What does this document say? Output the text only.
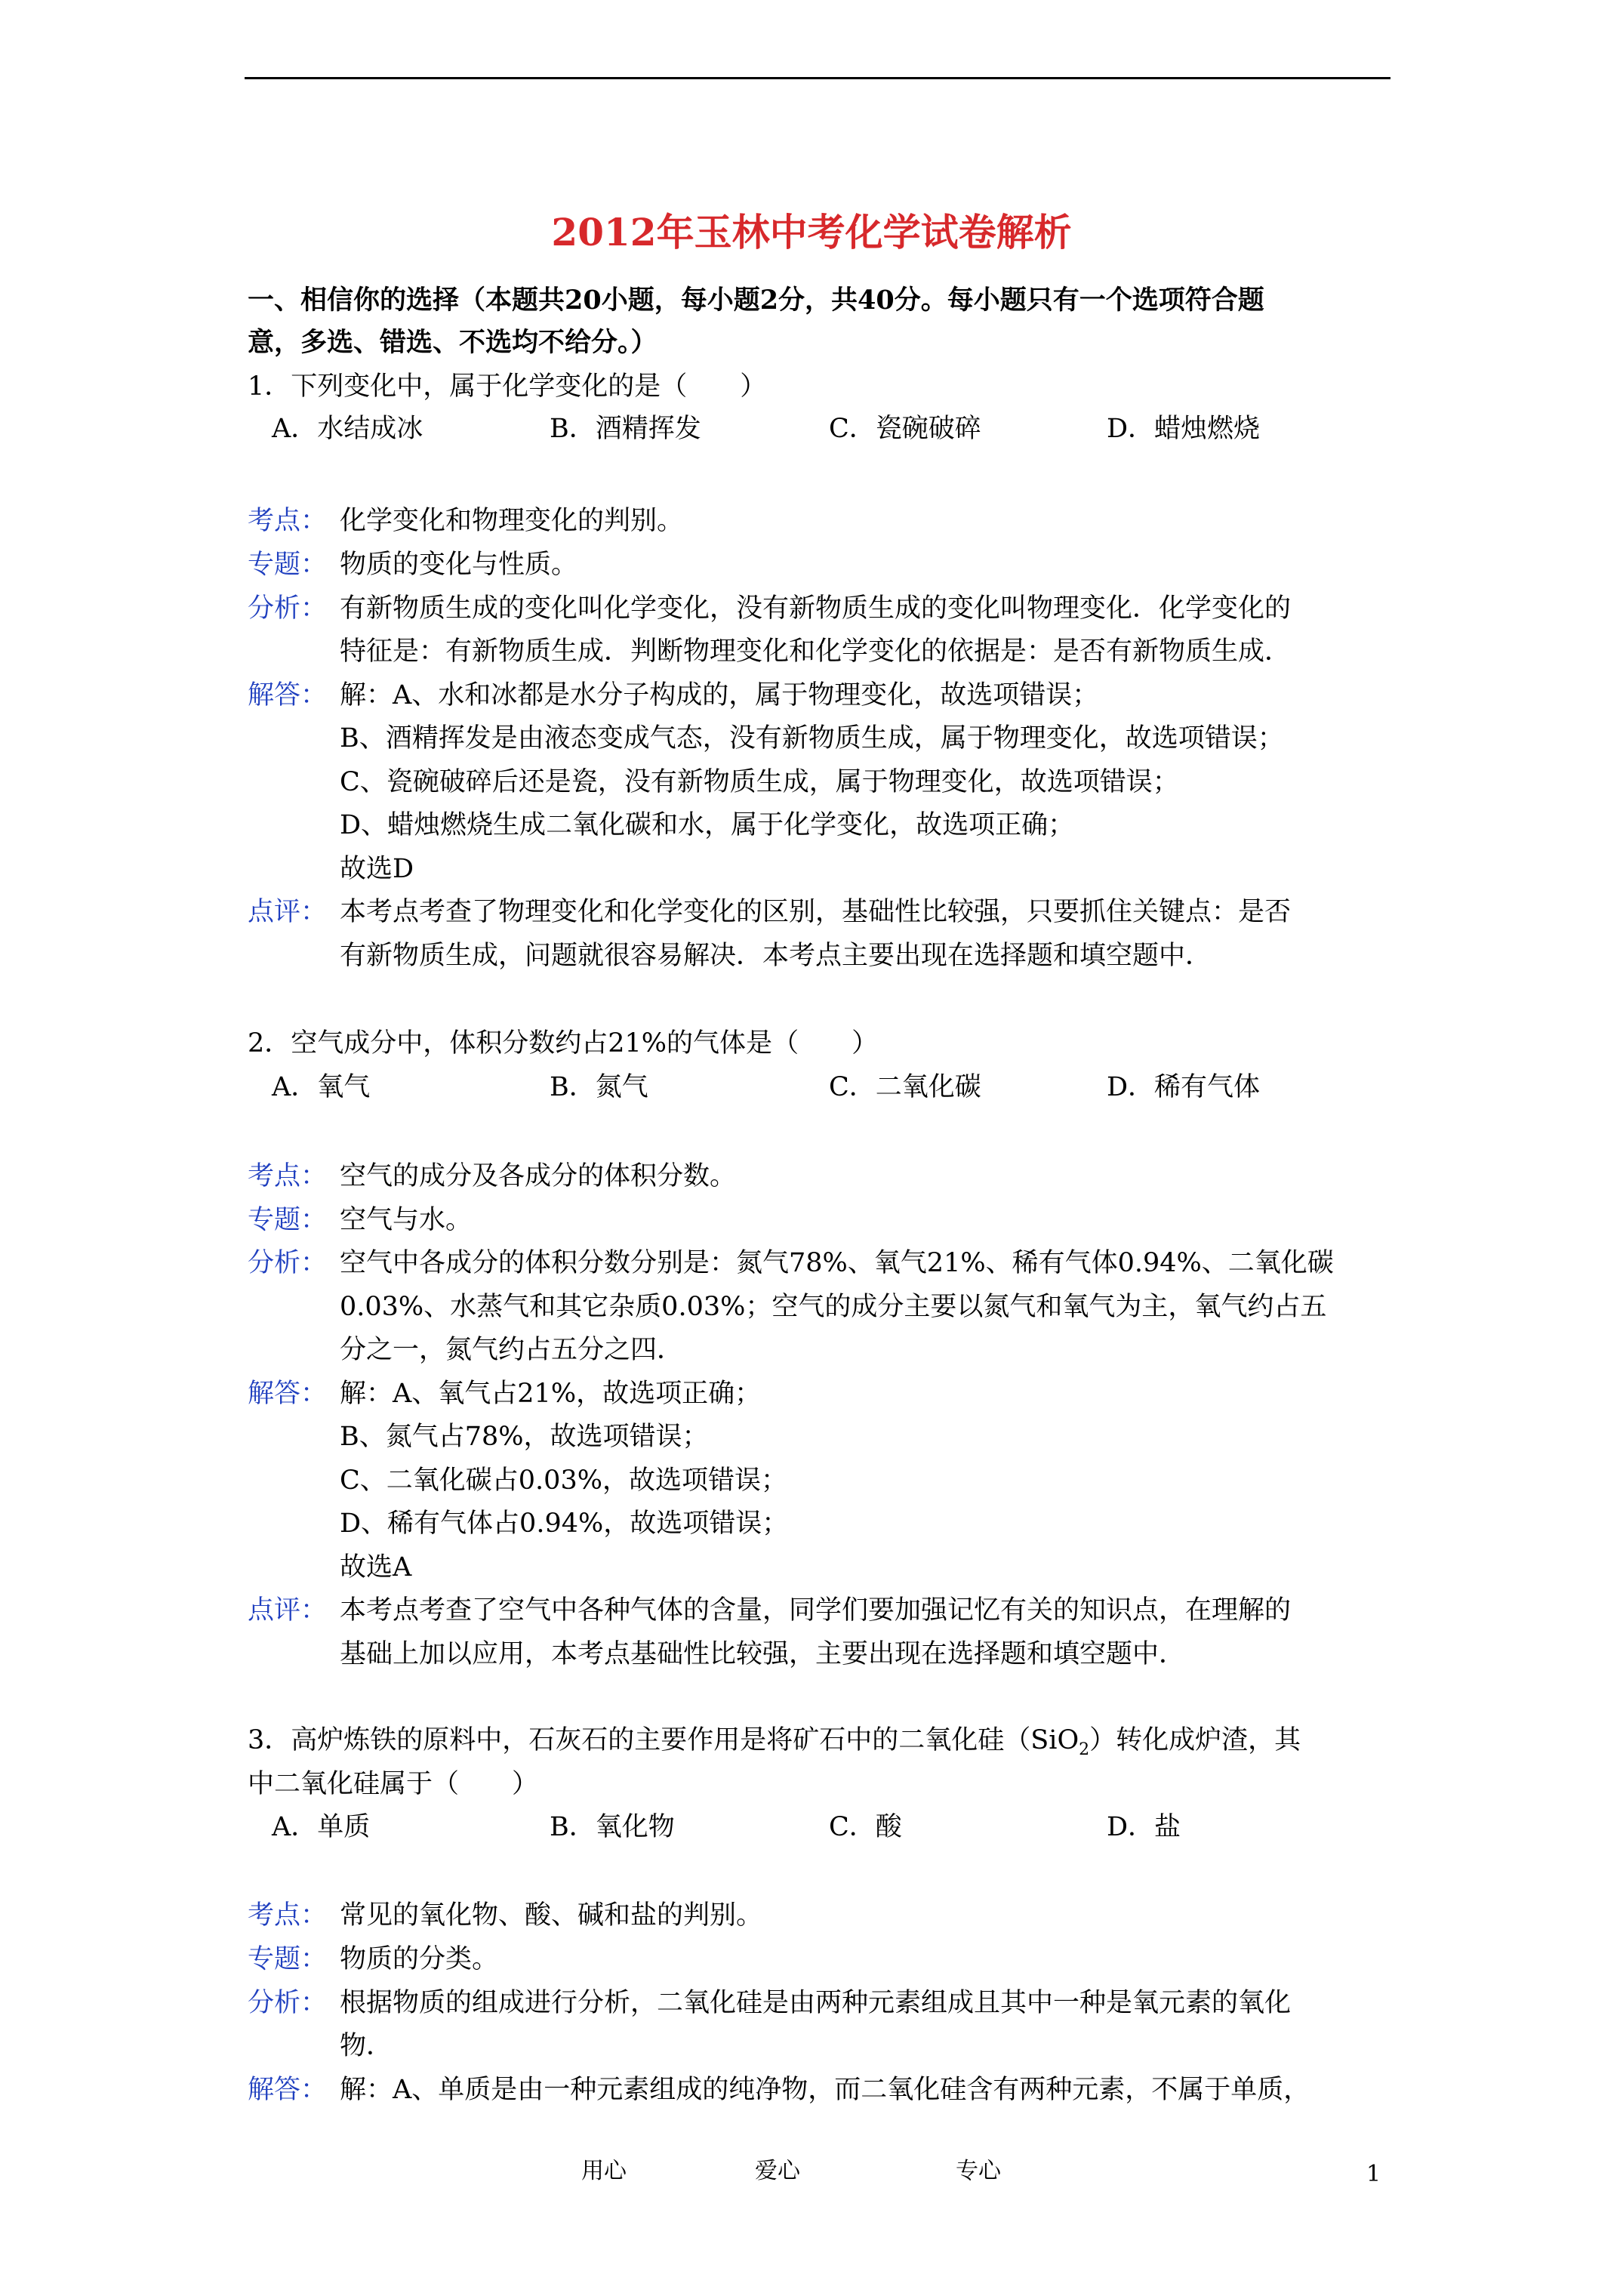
2012年玉林中考化学试卷解析
一、相信你的选择（本题共20小题，每小题2分，共40分。每小题只有一个选项符合题
意，多选、错选、不选均不给分。）
1．下列变化中，属于化学变化的是（　　）
A．水结成冰	B．酒精挥发	C．瓷碗破碎	D．蜡烛燃烧
考点： 化学变化和物理变化的判别。
专题： 物质的变化与性质。
分析： 有新物质生成的变化叫化学变化，没有新物质生成的变化叫物理变化．化学变化的
特征是：有新物质生成．判断物理变化和化学变化的依据是：是否有新物质生成．
解答： 解：A、水和冰都是水分子构成的，属于物理变化，故选项错误；
B、酒精挥发是由液态变成气态，没有新物质生成，属于物理变化，故选项错误；
C、瓷碗破碎后还是瓷，没有新物质生成，属于物理变化，故选项错误；
D、蜡烛燃烧生成二氧化碳和水，属于化学变化，故选项正确；
故选D
点评： 本考点考查了物理变化和化学变化的区别，基础性比较强，只要抓住关键点：是否
有新物质生成，问题就很容易解决．本考点主要出现在选择题和填空题中．
2．空气成分中，体积分数约占21%的气体是（　　）
A．氧气	B．氮气	C．二氧化碳	D．稀有气体
考点： 空气的成分及各成分的体积分数。
专题： 空气与水。
分析： 空气中各成分的体积分数分别是：氮气78%、氧气21%、稀有气体0.94%、二氧化碳
0.03%、水蒸气和其它杂质0.03%；空气的成分主要以氮气和氧气为主，氧气约占五
分之一，氮气约占五分之四．
解答： 解：A、氧气占21%，故选项正确；
B、氮气占78%，故选项错误；
C、二氧化碳占0.03%，故选项错误；
D、稀有气体占0.94%，故选项错误；
故选A
点评： 本考点考查了空气中各种气体的含量，同学们要加强记忆有关的知识点，在理解的
基础上加以应用，本考点基础性比较强，主要出现在选择题和填空题中．
3．高炉炼铁的原料中，石灰石的主要作用是将矿石中的二氧化硅（SiO$_2$）转化成炉渣，其
中二氧化硅属于（　　）
A．单质	B．氧化物	C．酸	D．盐
考点： 常见的氧化物、酸、碱和盐的判别。
专题： 物质的分类。
分析： 根据物质的组成进行分析，二氧化硅是由两种元素组成且其中一种是氧元素的氧化
物．
解答： 解：A、单质是由一种元素组成的纯净物，而二氧化硅含有两种元素，不属于单质，
用心	爱心	专心	1
